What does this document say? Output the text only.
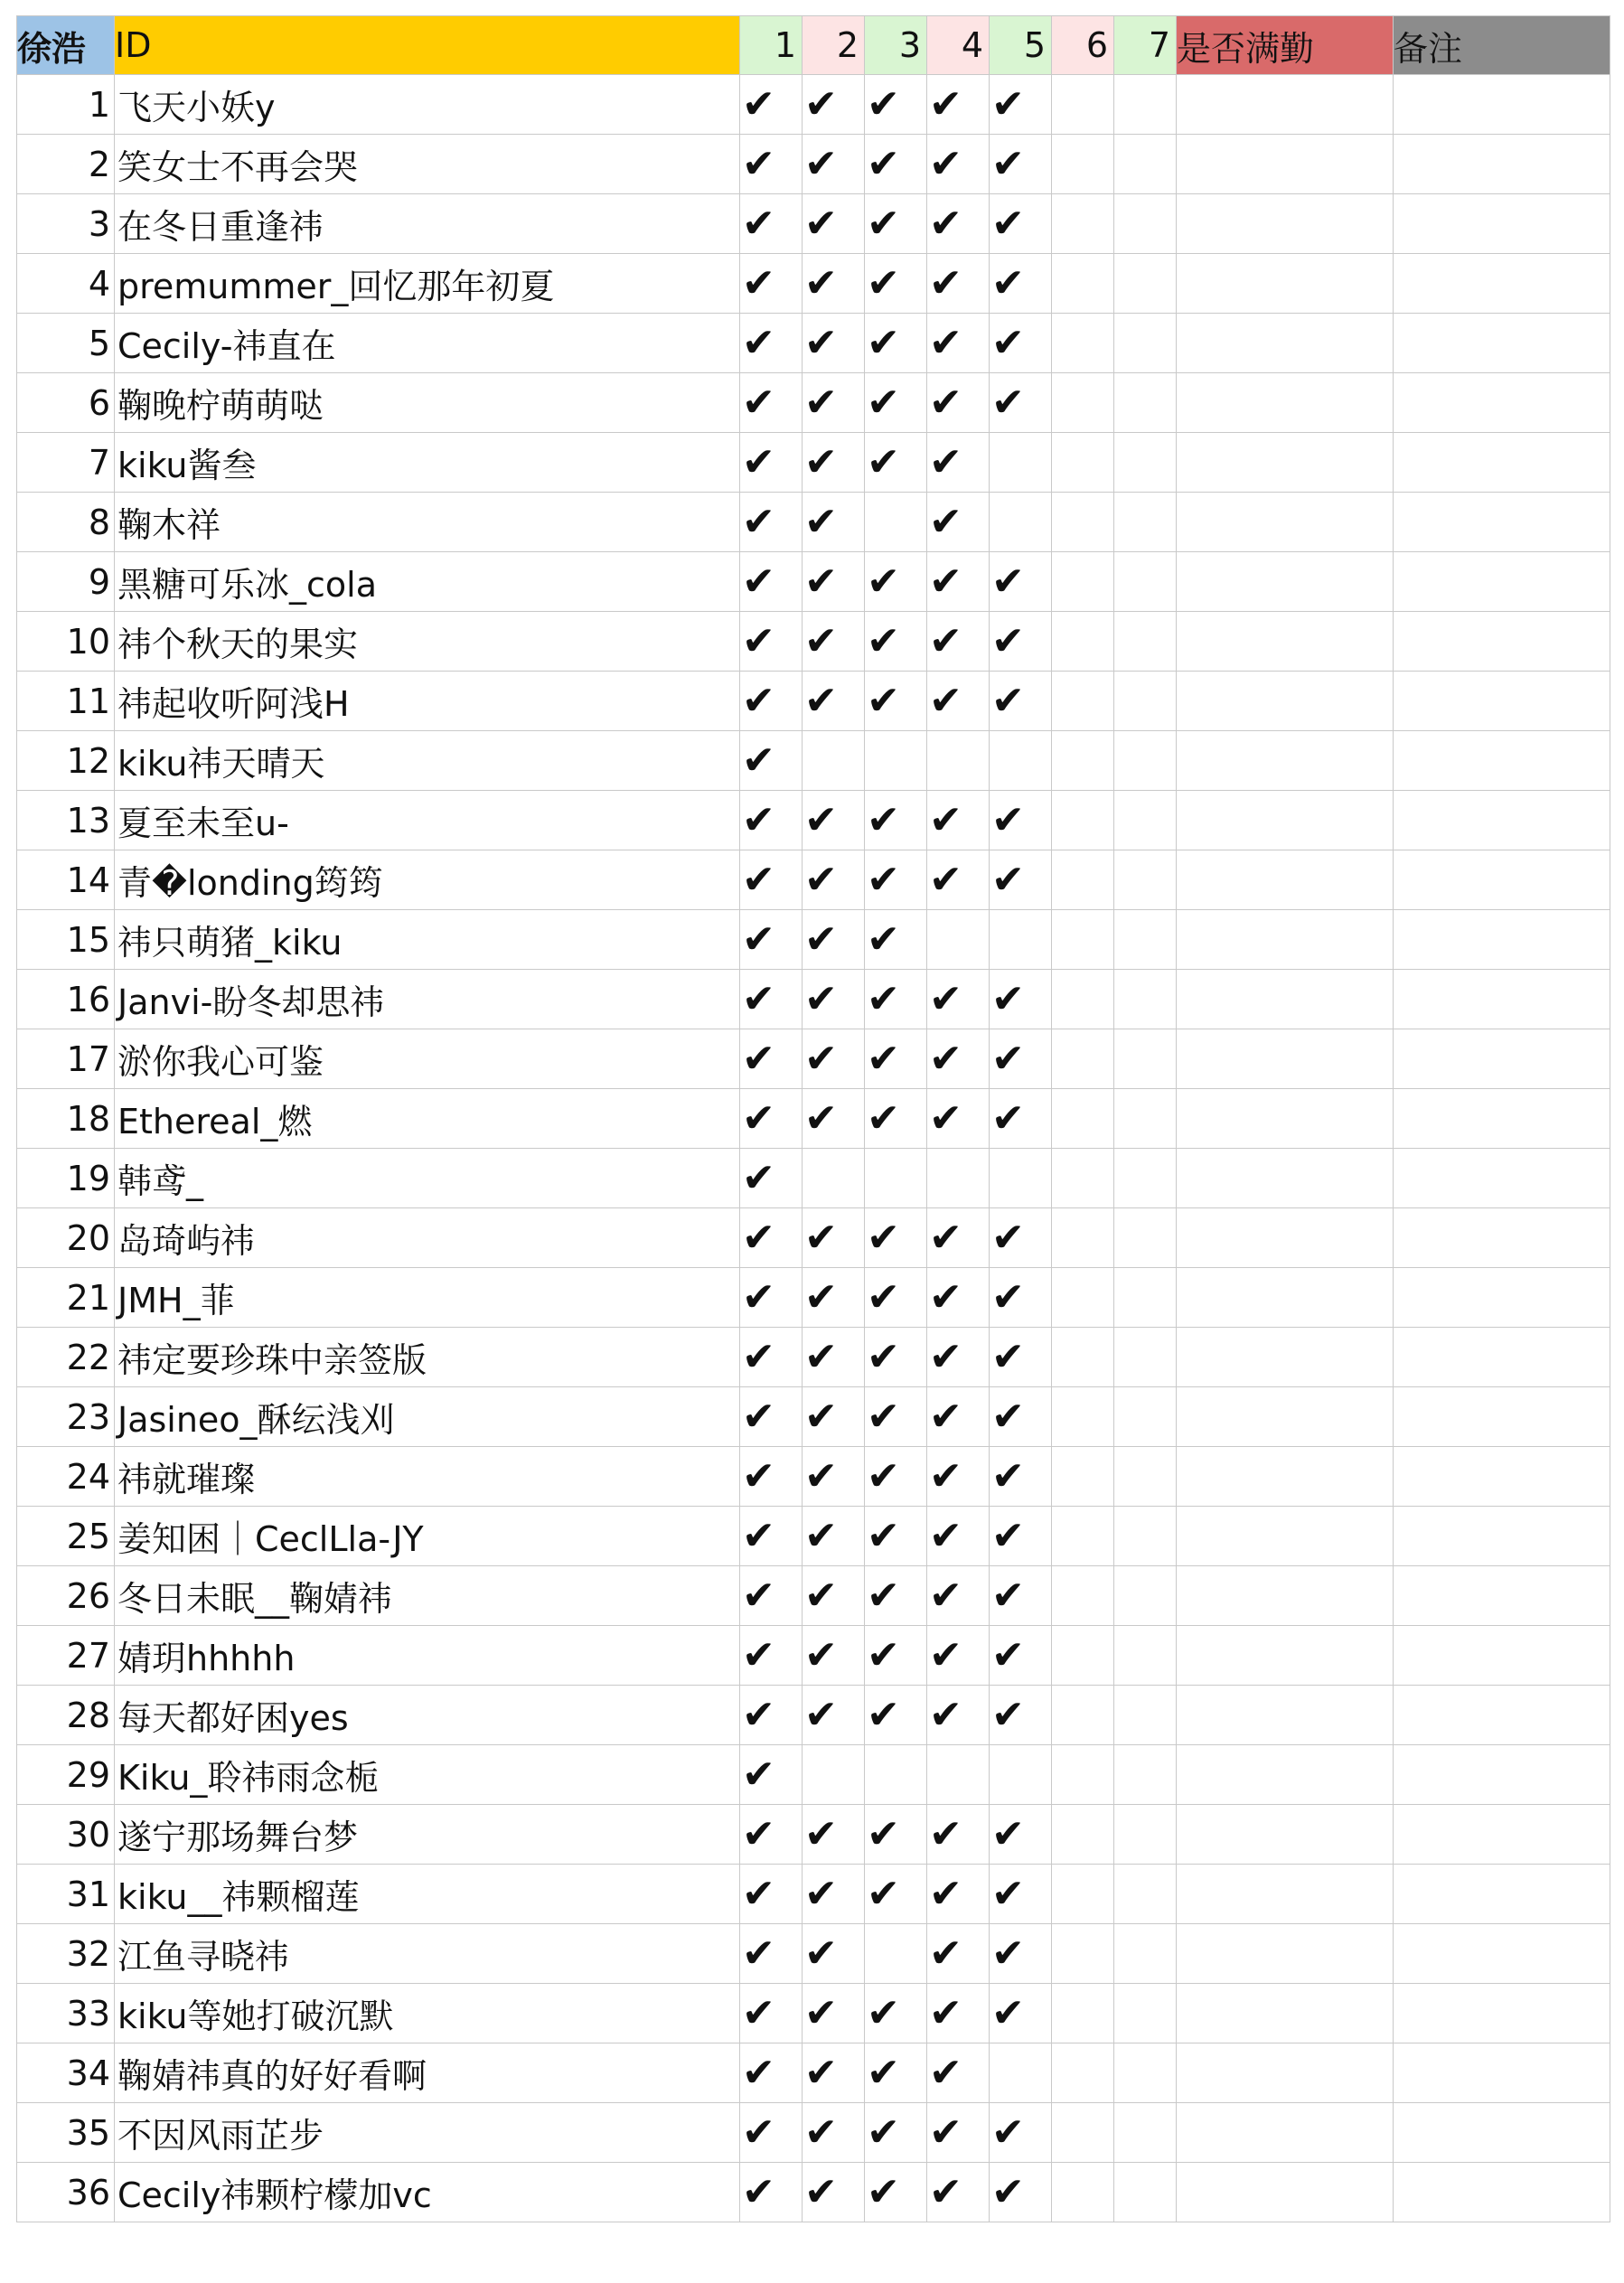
徐浩	ID	1	2	3	4	5	6	7	是否满勤	备注
1	飞天小妖y	✔	✔	✔	✔	✔				
2	笑女士不再会哭	✔	✔	✔	✔	✔				
3	在冬日重逢祎	✔	✔	✔	✔	✔				
4	premummer_回忆那年初夏	✔	✔	✔	✔	✔				
5	Cecily-祎直在	✔	✔	✔	✔	✔				
6	鞠晚柠萌萌哒	✔	✔	✔	✔	✔				
7	kiku酱叁	✔	✔	✔	✔					
8	鞠木祥	✔	✔		✔					
9	黑糖可乐冰_cola	✔	✔	✔	✔	✔				
10	祎个秋天的果实	✔	✔	✔	✔	✔				
11	祎起收听阿浅H	✔	✔	✔	✔	✔				
12	kiku祎天晴天	✔								
13	夏至未至u-	✔	✔	✔	✔	✔				
14	青�londing筠筠	✔	✔	✔	✔	✔				
15	祎只萌猪_kiku	✔	✔	✔						
16	Janvi-盼冬却思祎	✔	✔	✔	✔	✔				
17	淤你我心可鉴	✔	✔	✔	✔	✔				
18	Ethereal_燃	✔	✔	✔	✔	✔				
19	韩鸢_	✔								
20	岛琦屿祎	✔	✔	✔	✔	✔				
21	JMH_菲	✔	✔	✔	✔	✔				
22	祎定要珍珠中亲签版	✔	✔	✔	✔	✔				
23	Jasineo_酥纭浅刈	✔	✔	✔	✔	✔				
24	祎就璀璨	✔	✔	✔	✔	✔				
25	姜知困｜CeclLla-JY	✔	✔	✔	✔	✔				
26	冬日未眠__鞠婧祎	✔	✔	✔	✔	✔				
27	婧玥hhhhh	✔	✔	✔	✔	✔				
28	每天都好困yes	✔	✔	✔	✔	✔				
29	Kiku_聆祎雨念栀	✔								
30	遂宁那场舞台梦	✔	✔	✔	✔	✔				
31	kiku__祎颗榴莲	✔	✔	✔	✔	✔				
32	江鱼寻晓祎	✔	✔		✔	✔				
33	kiku等她打破沉默	✔	✔	✔	✔	✔				
34	鞠婧祎真的好好看啊	✔	✔	✔	✔					
35	不因风雨芷步	✔	✔	✔	✔	✔				
36	Cecily祎颗柠檬加vc	✔	✔	✔	✔	✔				
